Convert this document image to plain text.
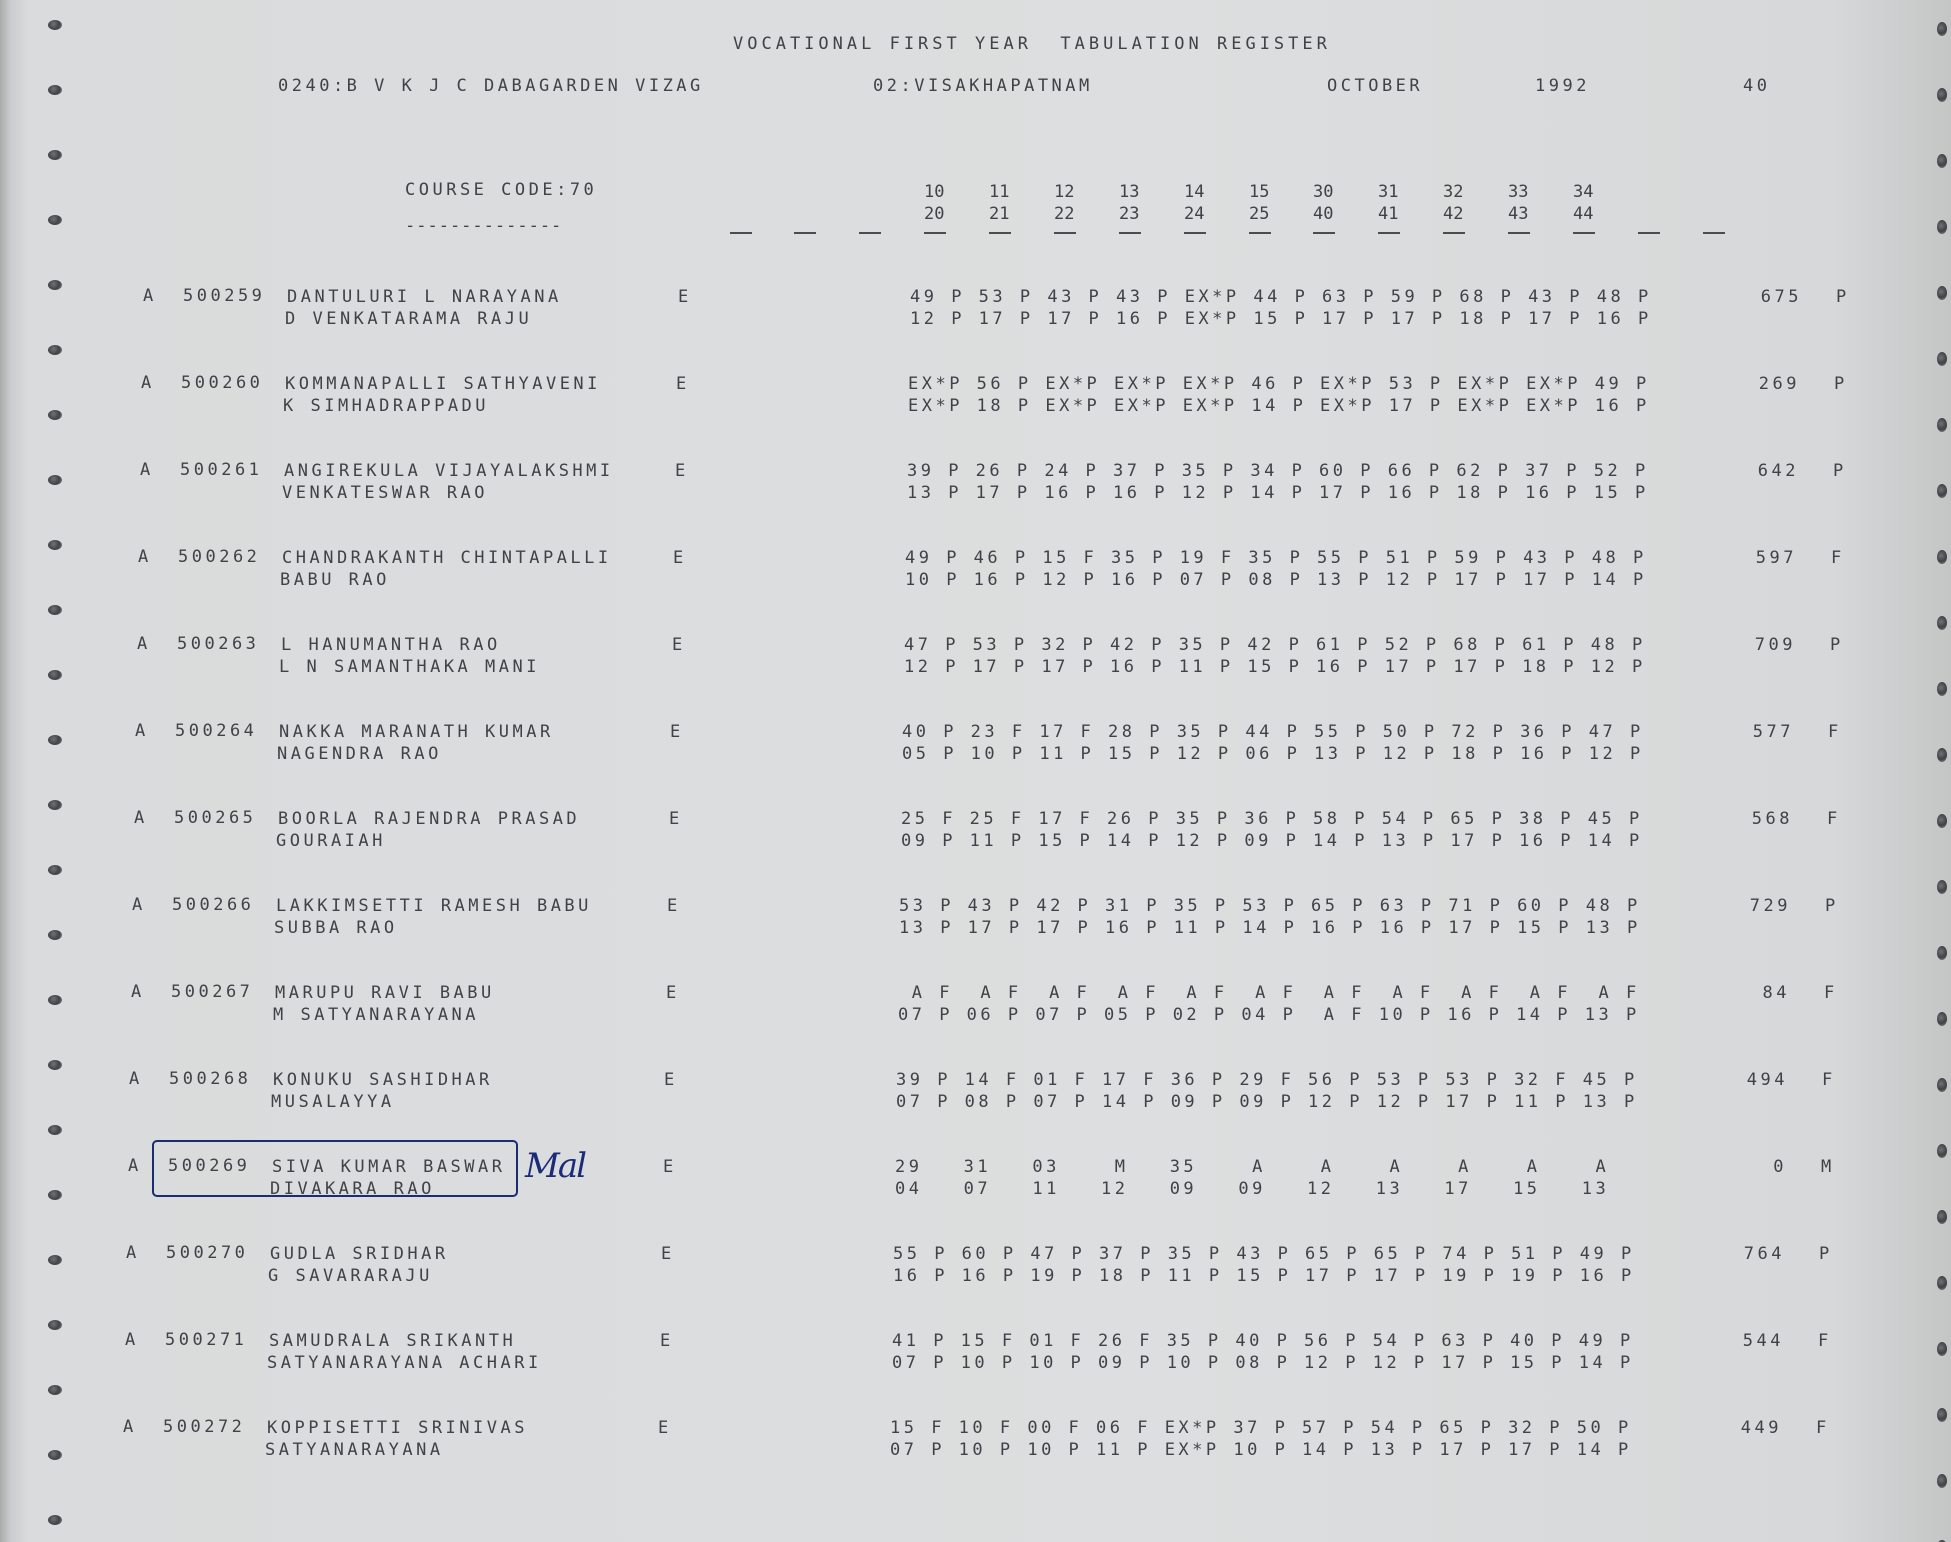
VOCATIONAL FIRST YEAR  TABULATION REGISTER
0240:B V K J C DABAGARDEN VIZAG	02:VISAKHAPATNAM	OCTOBER	1992	40
COURSE CODE:70
--------------
10	11	12	13	14	15	30	31	32	33	34
20	21	22	23	24	25	40	41	42	43	44
A 500259 DANTULURI L NARAYANA
D VENKATARAMA RAJU
E	49 P 53 P 43 P 43 P EX*P 44 P 63 P 59 P 68 P 43 P 48 P
12 P 17 P 17 P 16 P EX*P 15 P 17 P 17 P 18 P 17 P 16 P
675 P
A 500260 KOMMANAPALLI SATHYAVENI
K SIMHADRAPPADU
E	EX*P 56 P EX*P EX*P EX*P 46 P EX*P 53 P EX*P EX*P 49 P
EX*P 18 P EX*P EX*P EX*P 14 P EX*P 17 P EX*P EX*P 16 P
269 P
A 500261 ANGIREKULA VIJAYALAKSHMI
VENKATESWAR RAO
E	39 P 26 P 24 P 37 P 35 P 34 P 60 P 66 P 62 P 37 P 52 P
13 P 17 P 16 P 16 P 12 P 14 P 17 P 16 P 18 P 16 P 15 P
642 P
A 500262 CHANDRAKANTH CHINTAPALLI
BABU RAO
E	49 P 46 P 15 F 35 P 19 F 35 P 55 P 51 P 59 P 43 P 48 P
10 P 16 P 12 P 16 P 07 P 08 P 13 P 12 P 17 P 17 P 14 P
597 F
A 500263 L HANUMANTHA RAO
L N SAMANTHAKA MANI
E	47 P 53 P 32 P 42 P 35 P 42 P 61 P 52 P 68 P 61 P 48 P
12 P 17 P 17 P 16 P 11 P 15 P 16 P 17 P 17 P 18 P 12 P
709 P
A 500264 NAKKA MARANATH KUMAR
NAGENDRA RAO
E	40 P 23 F 17 F 28 P 35 P 44 P 55 P 50 P 72 P 36 P 47 P
05 P 10 P 11 P 15 P 12 P 06 P 13 P 12 P 18 P 16 P 12 P
577 F
A 500265 BOORLA RAJENDRA PRASAD
GOURAIAH
E	25 F 25 F 17 F 26 P 35 P 36 P 58 P 54 P 65 P 38 P 45 P
09 P 11 P 15 P 14 P 12 P 09 P 14 P 13 P 17 P 16 P 14 P
568 F
A 500266 LAKKIMSETTI RAMESH BABU
SUBBA RAO
E	53 P 43 P 42 P 31 P 35 P 53 P 65 P 63 P 71 P 60 P 48 P
13 P 17 P 17 P 16 P 11 P 14 P 16 P 16 P 17 P 15 P 13 P
729 P
A 500267 MARUPU RAVI BABU
M SATYANARAYANA
E	A F  A F  A F  A F  A F  A F  A F  A F  A F  A F  A F
07 P 06 P 07 P 05 P 02 P 04 P  A F 10 P 16 P 14 P 13 P
84 F
A 500268 KONUKU SASHIDHAR
MUSALAYYA
E	39 P 14 F 01 F 17 F 36 P 29 F 56 P 53 P 53 P 32 F 45 P
07 P 08 P 07 P 14 P 09 P 09 P 12 P 12 P 17 P 11 P 13 P
494 F
A 500269 SIVA KUMAR BASWAR
DIVAKARA RAO
E	29   31   03    M   35    A    A    A    A    A    A
04   07   11   12   09   09   12   13   17   15   13
0 M
A 500270 GUDLA SRIDHAR
G SAVARARAJU
E	55 P 60 P 47 P 37 P 35 P 43 P 65 P 65 P 74 P 51 P 49 P
16 P 16 P 19 P 18 P 11 P 15 P 17 P 17 P 19 P 19 P 16 P
764 P
A 500271 SAMUDRALA SRIKANTH
SATYANARAYANA ACHARI
E	41 P 15 F 01 F 26 F 35 P 40 P 56 P 54 P 63 P 40 P 49 P
07 P 10 P 10 P 09 P 10 P 08 P 12 P 12 P 17 P 15 P 14 P
544 F
A 500272 KOPPISETTI SRINIVAS
SATYANARAYANA
E	15 F 10 F 00 F 06 F EX*P 37 P 57 P 54 P 65 P 32 P 50 P
07 P 10 P 10 P 11 P EX*P 10 P 14 P 13 P 17 P 17 P 14 P
449 F
Mal
